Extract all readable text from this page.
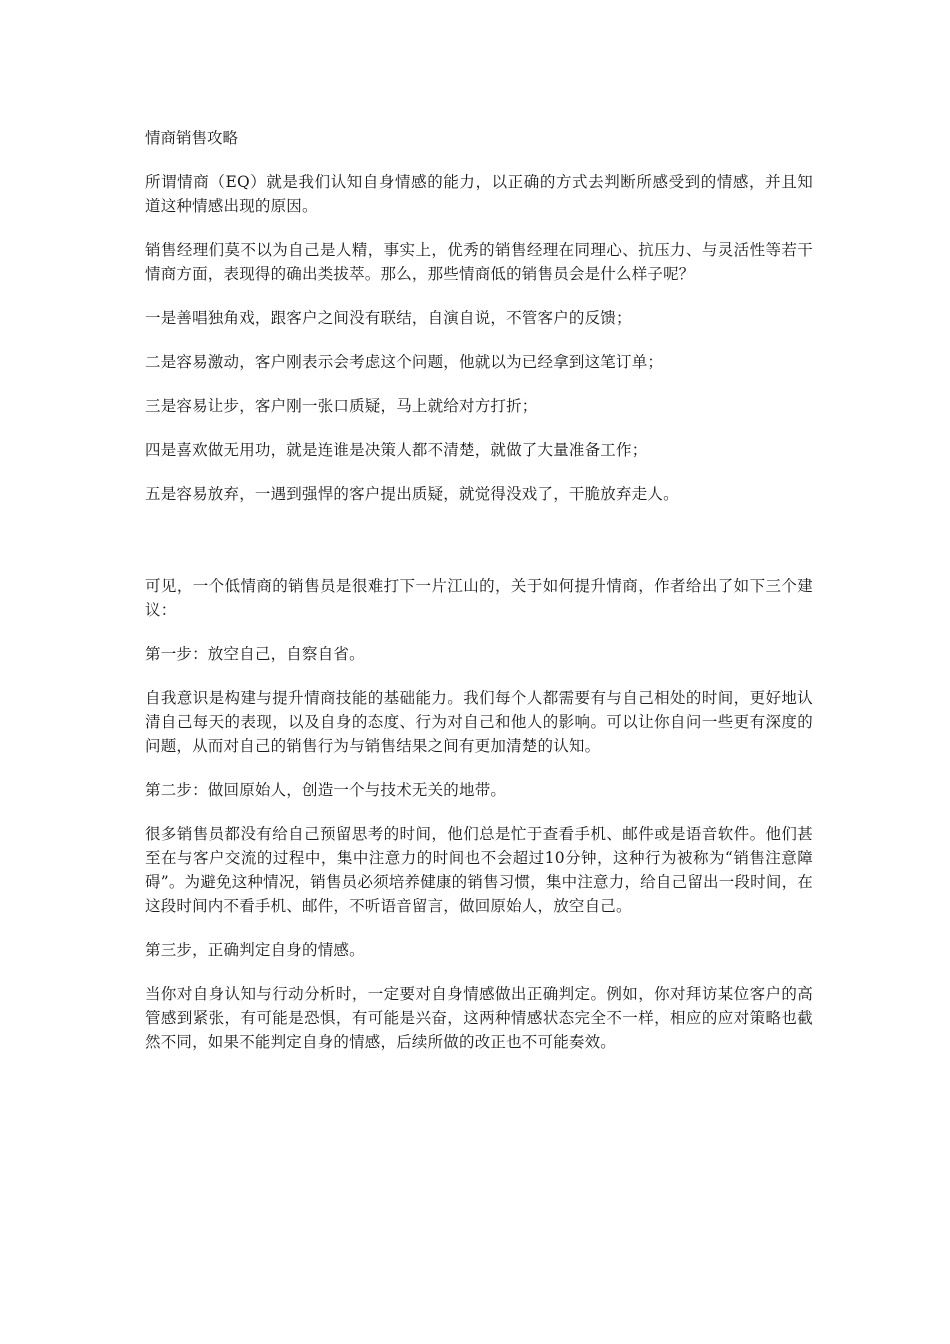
情商销售攻略

所谓情商（EQ）就是我们认知自身情感的能力，以正确的方式去判断所感受到的情感，并且知道这种情感出现的原因。

销售经理们莫不以为自己是人精，事实上，优秀的销售经理在同理心、抗压力、与灵活性等若干情商方面，表现得的确出类拔萃。那么，那些情商低的销售员会是什么样子呢？

一是善唱独角戏，跟客户之间没有联结，自演自说，不管客户的反馈；

二是容易激动，客户刚表示会考虑这个问题，他就以为已经拿到这笔订单；

三是容易让步，客户刚一张口质疑，马上就给对方打折；

四是喜欢做无用功，就是连谁是决策人都不清楚，就做了大量准备工作；

五是容易放弃，一遇到强悍的客户提出质疑，就觉得没戏了，干脆放弃走人。

可见，一个低情商的销售员是很难打下一片江山的，关于如何提升情商，作者给出了如下三个建议：

第一步：放空自己，自察自省。

自我意识是构建与提升情商技能的基础能力。我们每个人都需要有与自己相处的时间，更好地认清自己每天的表现，以及自身的态度、行为对自己和他人的影响。可以让你自问一些更有深度的问题，从而对自己的销售行为与销售结果之间有更加清楚的认知。

第二步：做回原始人，创造一个与技术无关的地带。

很多销售员都没有给自己预留思考的时间，他们总是忙于查看手机、邮件或是语音软件。他们甚至在与客户交流的过程中，集中注意力的时间也不会超过10分钟，这种行为被称为“销售注意障碍”。为避免这种情况，销售员必须培养健康的销售习惯，集中注意力，给自己留出一段时间，在这段时间内不看手机、邮件，不听语音留言，做回原始人，放空自己。

第三步，正确判定自身的情感。

当你对自身认知与行动分析时，一定要对自身情感做出正确判定。例如，你对拜访某位客户的高管感到紧张，有可能是恐惧，有可能是兴奋，这两种情感状态完全不一样，相应的应对策略也截然不同，如果不能判定自身的情感，后续所做的改正也不可能奏效。
